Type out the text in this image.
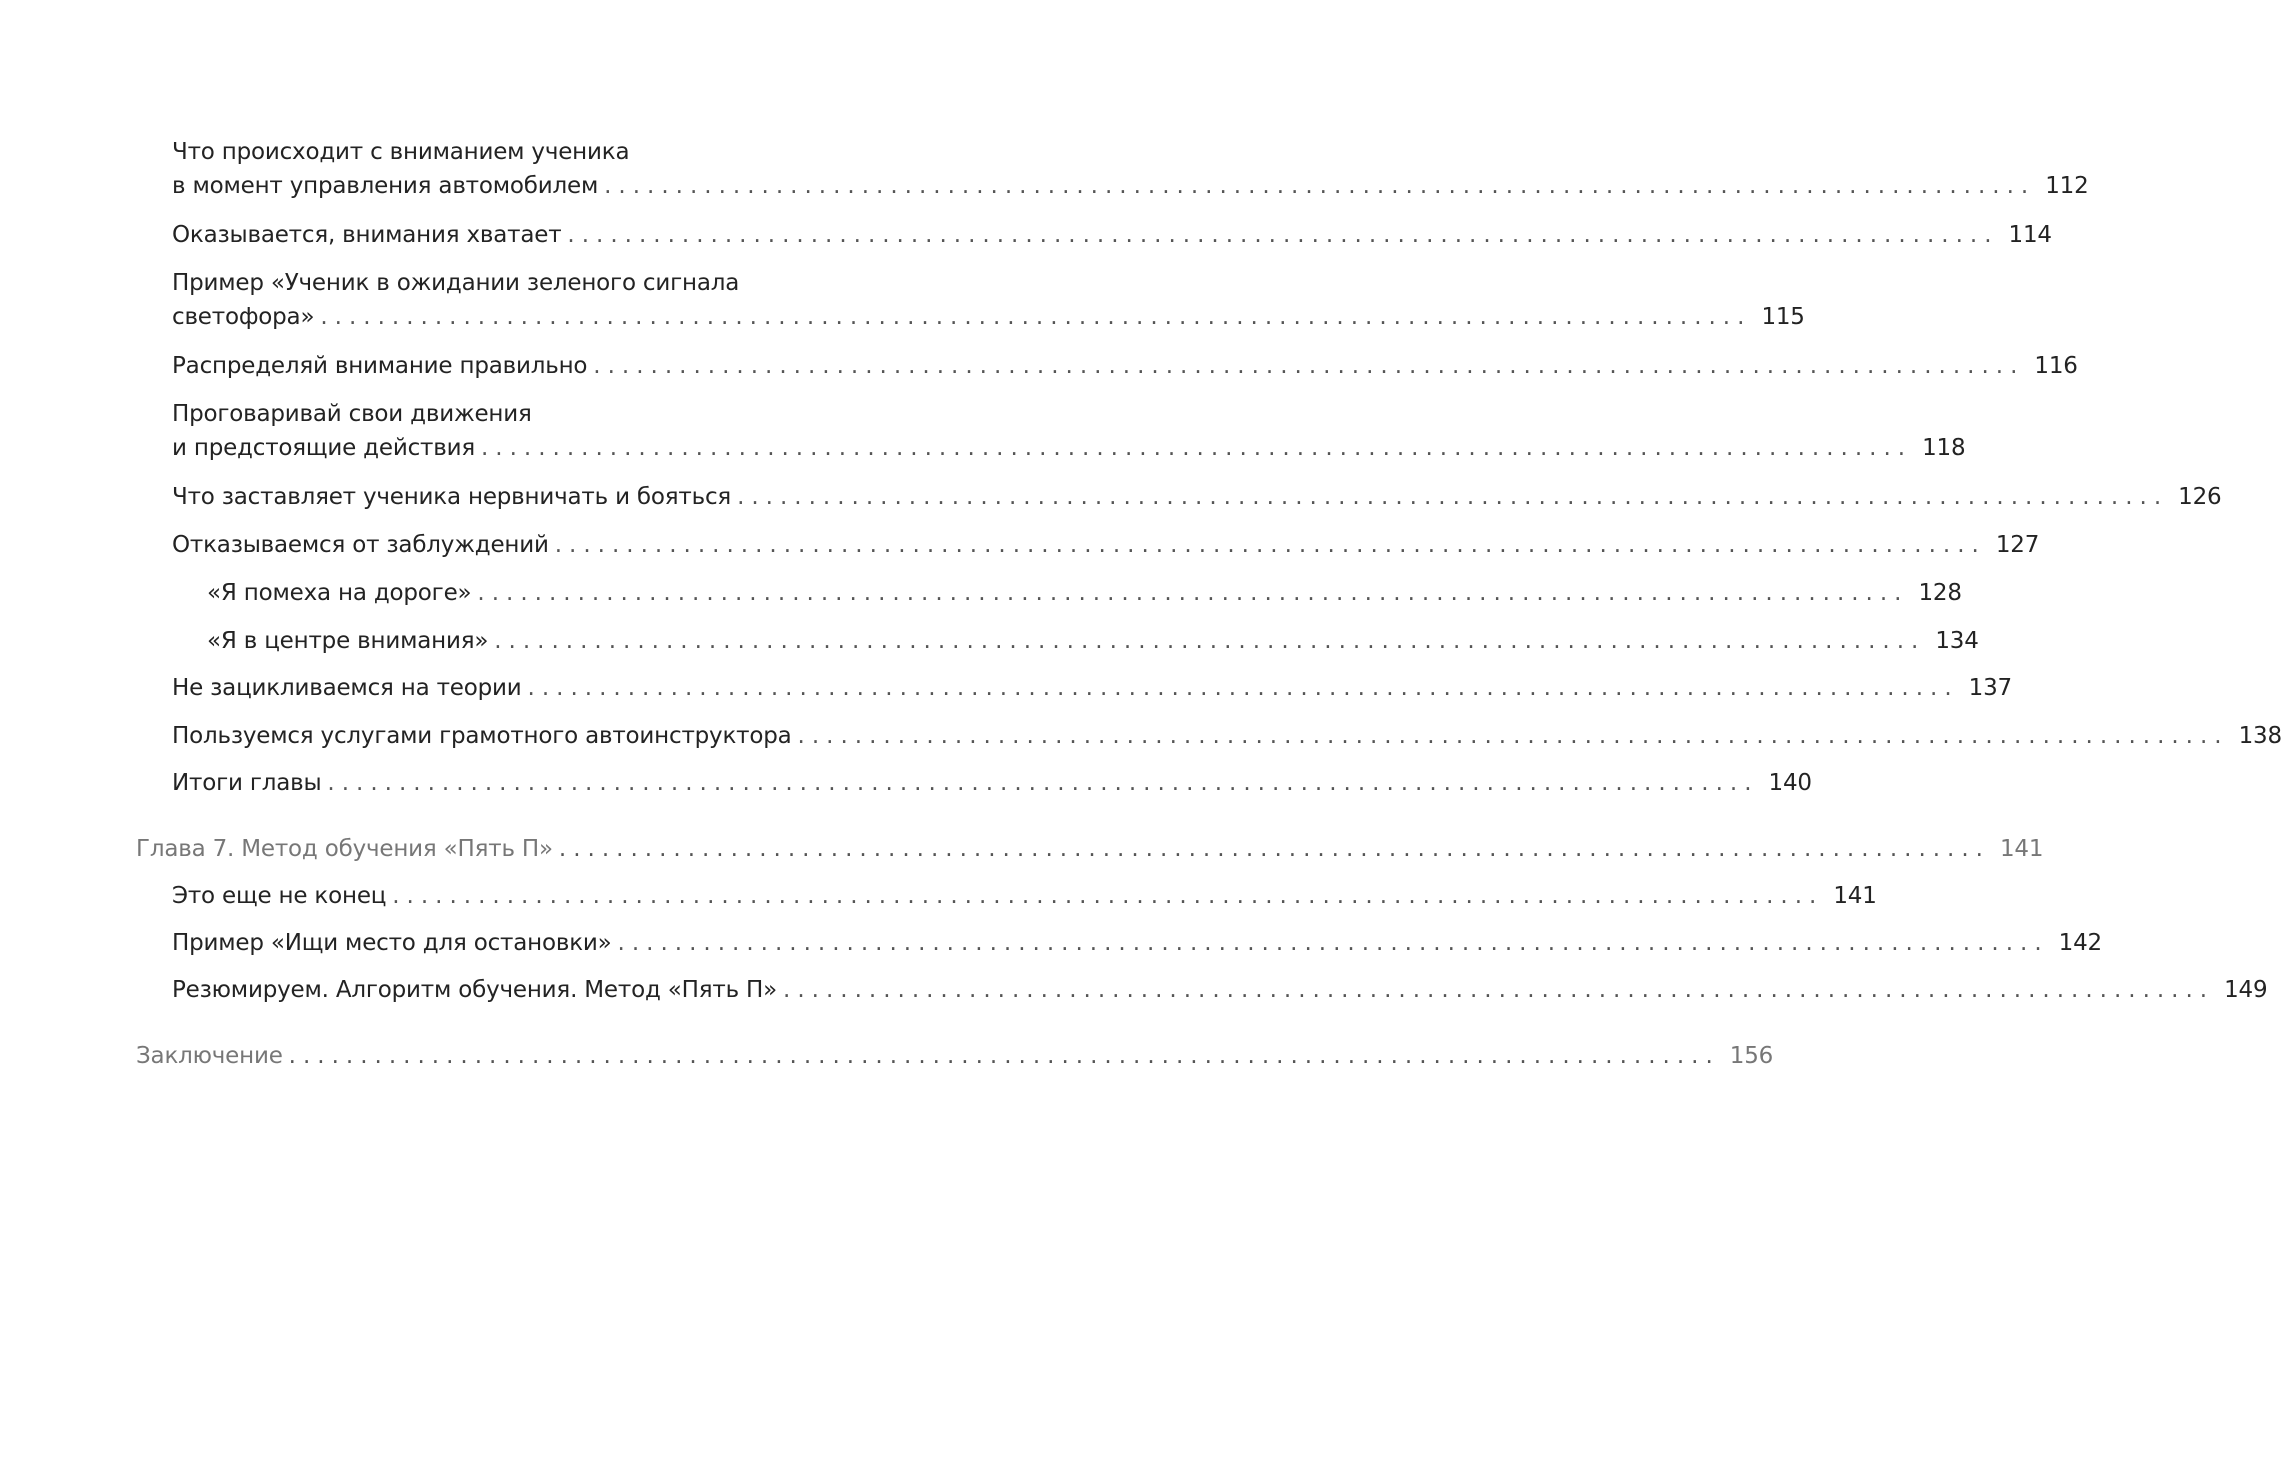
Что происходит с вниманием ученика
в момент управления автомобилем .................................................................................................... 112
Оказывается, внимания хватает .................................................................................................... 114
Пример «Ученик в ожидании зеленого сигнала
светофора» .................................................................................................... 115
Распределяй внимание правильно .................................................................................................... 116
Проговаривай свои движения
и предстоящие действия .................................................................................................... 118
Что заставляет ученика нервничать и бояться .................................................................................................... 126
Отказываемся от заблуждений .................................................................................................... 127
«Я помеха на дороге» .................................................................................................... 128
«Я в центре внимания» .................................................................................................... 134
Не зацикливаемся на теории .................................................................................................... 137
Пользуемся услугами грамотного автоинструктора .................................................................................................... 138
Итоги главы .................................................................................................... 140
Глава 7. Метод обучения «Пять П» .................................................................................................... 141
Это еще не конец .................................................................................................... 141
Пример «Ищи место для остановки» .................................................................................................... 142
Резюмируем. Алгоритм обучения. Метод «Пять П» .................................................................................................... 149
Заключение .................................................................................................... 156
